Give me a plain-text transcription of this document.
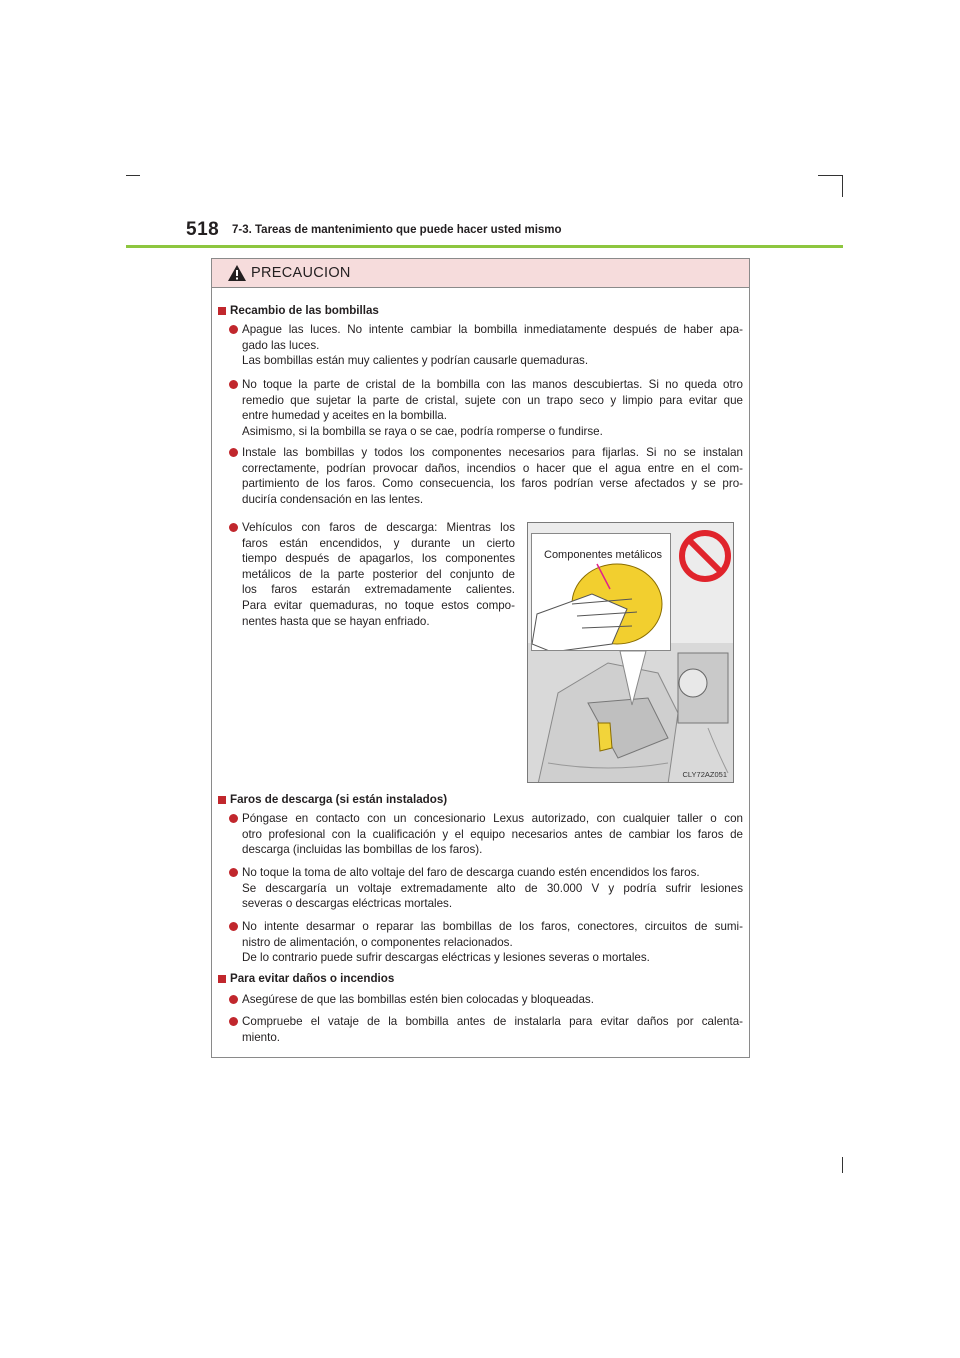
518 7-3. Tareas de mantenimiento que puede hacer usted mismo
PRECAUCION
Recambio de las bombillas
Apague las luces. No intente cambiar la bombilla inmediatamente después de haber apa-
gado las luces.
Las bombillas están muy calientes y podrían causarle quemaduras.
No toque la parte de cristal de la bombilla con las manos descubiertas. Si no queda otro
remedio que sujetar la parte de cristal, sujete con un trapo seco y limpio para evitar que
entre humedad y aceites en la bombilla.
Asimismo, si la bombilla se raya o se cae, podría romperse o fundirse.
Instale las bombillas y todos los componentes necesarios para fijarlas. Si no se instalan
correctamente, podrían provocar daños, incendios o hacer que el agua entre en el com-
partimiento de los faros. Como consecuencia, los faros podrían verse afectados y se pro-
duciría condensación en las lentes.
Vehículos con faros de descarga: Mientras los
faros están encendidos, y durante un cierto
tiempo después de apagarlos, los componentes
metálicos de la parte posterior del conjunto de
los faros estarán extremadamente calientes.
Para evitar quemaduras, no toque estos compo-
nentes hasta que se hayan enfriado.
Componentes metálicos
CLY72AZ051
Faros de descarga (si están instalados)
Póngase en contacto con un concesionario Lexus autorizado, con cualquier taller o con
otro profesional con la cualificación y el equipo necesarios antes de cambiar los faros de
descarga (incluidas las bombillas de los faros).
No toque la toma de alto voltaje del faro de descarga cuando estén encendidos los faros.
Se descargaría un voltaje extremadamente alto de 30.000 V y podría sufrir lesiones
severas o descargas eléctricas mortales.
No intente desarmar o reparar las bombillas de los faros, conectores, circuitos de sumi-
nistro de alimentación, o componentes relacionados.
De lo contrario puede sufrir descargas eléctricas y lesiones severas o mortales.
Para evitar daños o incendios
Asegúrese de que las bombillas estén bien colocadas y bloqueadas.
Compruebe el vataje de la bombilla antes de instalarla para evitar daños por calenta-
miento.
